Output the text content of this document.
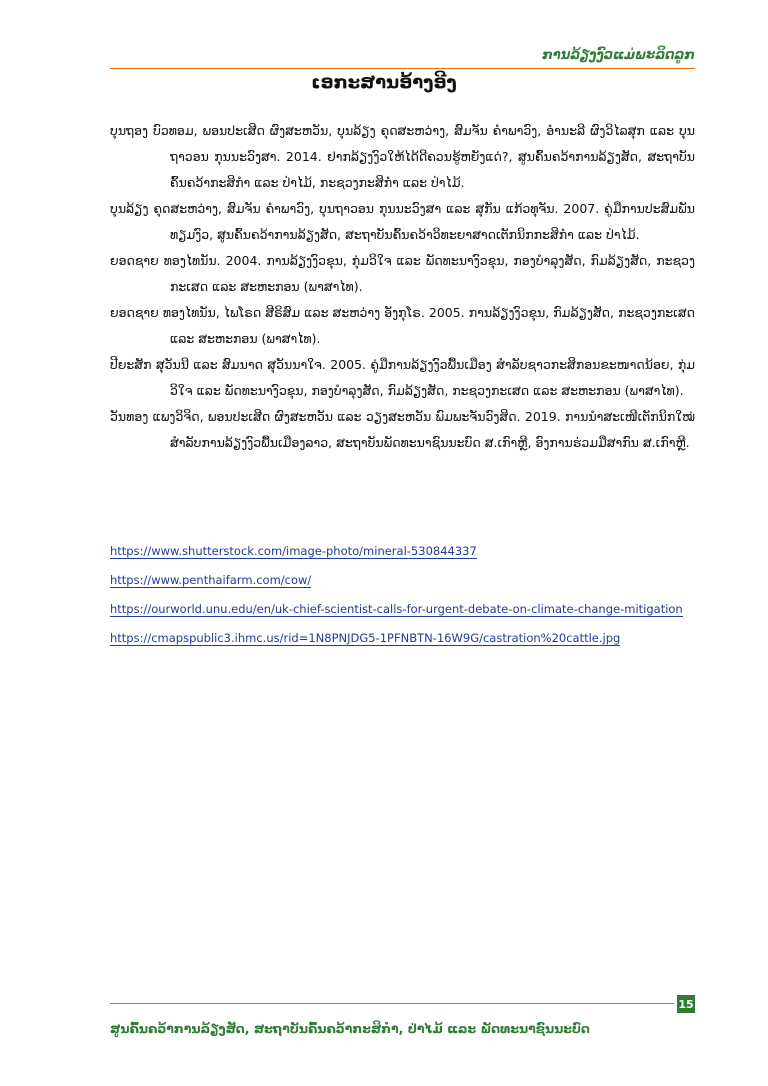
ການລ້ຽງງົວແມ່ພະລິດລູກ
ເອກະສານອ້າງອີງ
ບຸນຖອງ ບົວທອມ, ພອນປະເສີດ ຜົງສະຫວັນ, ບຸນລ້ຽງ ຄຸດສະຫວ່າງ, ສົມຈັນ ຄໍາພາວົງ, ອໍານະລີ ຜົງວິໄລສຸກ ແລະ ບຸນຖາວອນ ກຸນນະວົງສາ. 2014. ຢາກລ້ຽງງົວໃຫ້ໄດ້ດີຄວນຮູ້ຫຍັງແດ່?, ສູນຄົ້ນຄວ້າການລ້ຽງສັດ, ສະຖາບັນຄົ້ນຄວ້າກະສິກໍາ ແລະ ປ່າໄມ້, ກະຊວງກະສິກໍາ ແລະ ປ່າໄມ້.
ບຸນລ້ຽງ ຄຸດສະຫວ່າງ, ສົມຈັນ ຄໍາພາວົງ, ບຸນຖາວອນ ກຸນນະວົງສາ ແລະ ສຸກັນ ແກ້ວທຸຈັນ. 2007. ຄູ່ມືການປະສົມພັນທຽມງົວ, ສູນຄົ້ນຄວ້າການລ້ຽງສັດ, ສະຖາບັນຄົ້ນຄວ້າວິທະຍາສາດເຕັກນິກກະສິກໍາ ແລະ ປ່າໄມ້.
ຍອດຊາຍ ທອງໄທນັນ. 2004. ການລ້ຽງງົວຂຸນ, ກຸ່ມວິໃຈ ແລະ ພັດທະນາງົວຂຸນ, ກອງບໍາລຸງສັດ, ກົມລ້ຽງສັດ, ກະຊວງກະເສດ ແລະ ສະຫະກອນ (ພາສາໄທ).
ຍອດຊາຍ ທອງໄທນັນ, ໄພໂຣດ ສີຣິສົມ ແລະ ສະຫວ່າງ ອັງກຸໂຣ. 2005. ການລ້ຽງງົວຂຸນ, ກົມລ້ຽງສັດ, ກະຊວງກະເສດ ແລະ ສະຫະກອນ (ພາສາໄທ).
ປີຍະສັກ ສຸວັນນີ ແລະ ສົມນາດ ສຸວັນນາໃຈ. 2005. ຄູ່ມືການລ້ຽງງົວພື້ນເມືອງ ສໍາລັບຊາວກະສິກອນຂະໜາດນ້ອຍ, ກຸ່ມວິໃຈ ແລະ ພັດທະນາງົວຂຸນ, ກອງບໍາລຸງສັດ, ກົມລ້ຽງສັດ, ກະຊວງກະເສດ ແລະ ສະຫະກອນ (ພາສາໄທ).
ວັນທອງ ແພງວິຈິດ, ພອນປະເສີດ ຜົງສະຫວັນ ແລະ ວຽງສະຫວັນ ພົມພະຈັນວົງສິດ. 2019. ການນໍາສະເໜີເຕັກນິກໃໝ່ສໍາລັບການລ້ຽງງົວພື້ນເມືອງລາວ, ສະຖາບັນພັດທະນາຊົນນະບົດ ສ.ເກົາຫຼີ, ອົງການຮ່ວມມືສາກົນ ສ.ເກົາຫຼີ.
https://www.shutterstock.com/image-photo/mineral-530844337
https://www.penthaifarm.com/cow/
https://ourworld.unu.edu/en/uk-chief-scientist-calls-for-urgent-debate-on-climate-change-mitigation
https://cmapspublic3.ihmc.us/rid=1N8PNJDG5-1PFNBTN-16W9G/castration%20cattle.jpg
15
ສູນຄົ້ນຄວ້າການລ້ຽງສັດ, ສະຖາບັນຄົ້ນຄວ້າກະສິກໍາ, ປ່າໄມ້ ແລະ ພັດທະນາຊົນນະບົດ
